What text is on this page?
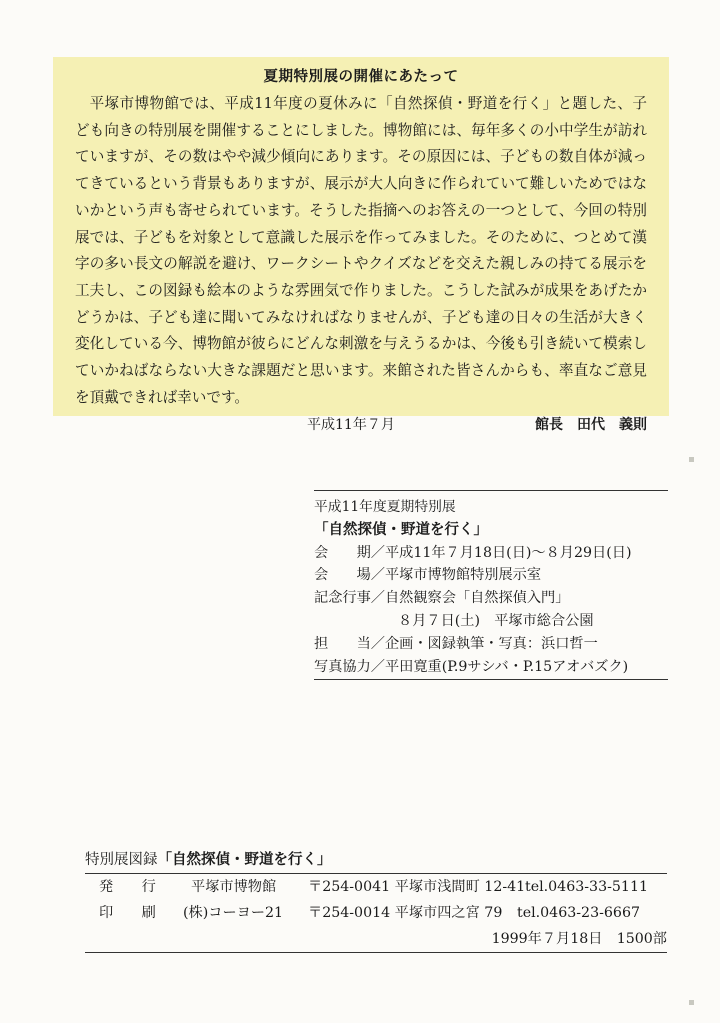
夏期特別展の開催にあたって

平塚市博物館では、平成11年度の夏休みに「自然探偵・野道を行く」と題した、子ども向きの特別展を開催することにしました。博物館には、毎年多くの小中学生が訪れていますが、その数はやや減少傾向にあります。その原因には、子どもの数自体が減ってきているという背景もありますが、展示が大人向きに作られていて難しいためではないかという声も寄せられています。そうした指摘へのお答えの一つとして、今回の特別展では、子どもを対象として意識した展示を作ってみました。そのために、つとめて漢字の多い長文の解説を避け、ワークシートやクイズなどを交えた親しみの持てる展示を工夫し、この図録も絵本のような雰囲気で作りました。こうした試みが成果をあげたかどうかは、子ども達に聞いてみなければなりませんが、子ども達の日々の生活が大きく変化している今、博物館が彼らにどんな刺激を与えうるかは、今後も引き続いて模索していかねばならない大きな課題だと思います。来館された皆さんからも、率直なご意見を頂戴できれば幸いです。

平成11年７月	館長　田代　義則
平成11年度夏期特別展
「自然探偵・野道を行く」
会　　期／平成11年７月18日(日)～８月29日(日)
会　　場／平塚市博物館特別展示室
記念行事／自然観察会「自然探偵入門」
８月７日(土)　平塚市総合公園
担　　当／企画・図録執筆・写真：浜口哲一
写真協力／平田寛重(P.9サシバ・P.15アオバズク)
特別展図録「自然探偵・野道を行く」
発　　行 平塚市博物館 〒254-0041 平塚市浅間町 12-41 tel.0463-33-5111
印　　刷 (株)コーヨー21 〒254-0014 平塚市四之宮 79 tel.0463-23-6667
1999年７月18日　 1500部
